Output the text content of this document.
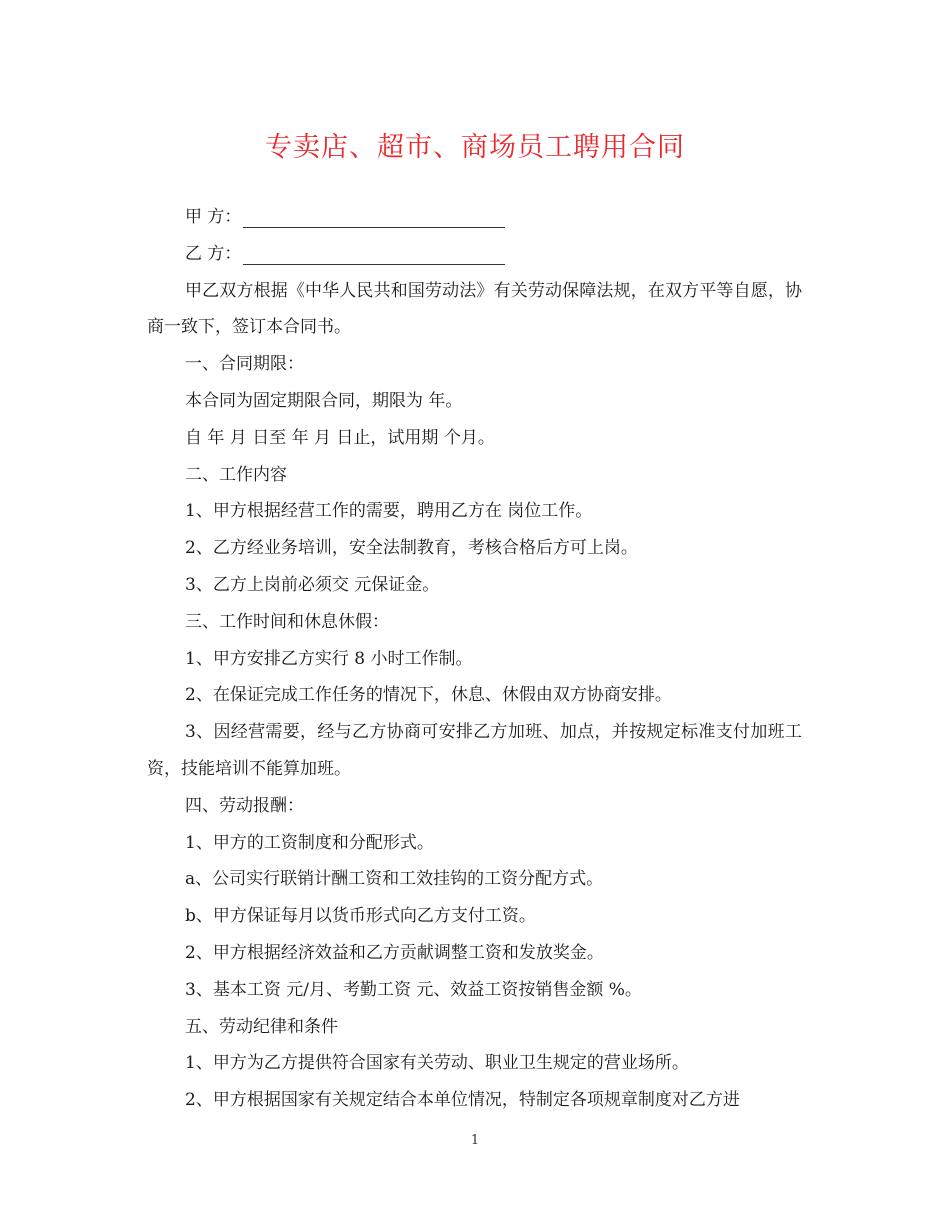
专卖店、超市、商场员工聘用合同

甲 方：

乙 方：

甲乙双方根据《中华人民共和国劳动法》有关劳动保障法规，在双方平等自愿，协商一致下，签订本合同书。

一、合同期限：

本合同为固定期限合同，期限为 年。

自 年 月 日至 年 月 日止，试用期 个月。

二、工作内容

1、甲方根据经营工作的需要，聘用乙方在 岗位工作。

2、乙方经业务培训，安全法制教育，考核合格后方可上岗。

3、乙方上岗前必须交 元保证金。

三、工作时间和休息休假：

1、甲方安排乙方实行 8 小时工作制。

2、在保证完成工作任务的情况下，休息、休假由双方协商安排。

3、因经营需要，经与乙方协商可安排乙方加班、加点，并按规定标准支付加班工资，技能培训不能算加班。

四、劳动报酬：

1、甲方的工资制度和分配形式。

a、公司实行联销计酬工资和工效挂钩的工资分配方式。

b、甲方保证每月以货币形式向乙方支付工资。

2、甲方根据经济效益和乙方贡献调整工资和发放奖金。

3、基本工资 元/月、考勤工资 元、效益工资按销售金额 %。

五、劳动纪律和条件

1、甲方为乙方提供符合国家有关劳动、职业卫生规定的营业场所。

2、甲方根据国家有关规定结合本单位情况，特制定各项规章制度对乙方进

1
